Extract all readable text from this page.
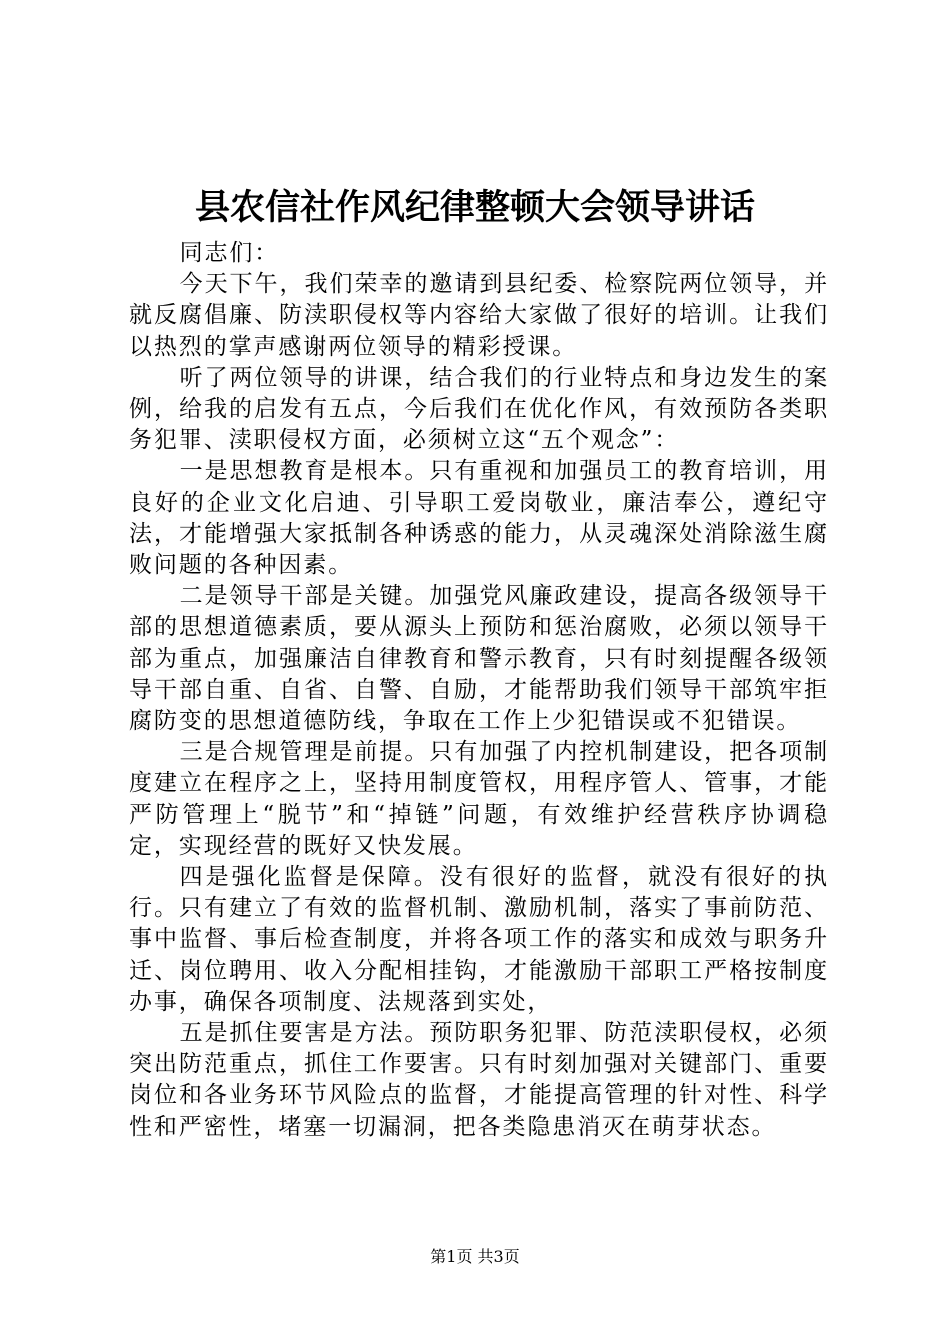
县农信社作风纪律整顿大会领导讲话

同志们：

今天下午，我们荣幸的邀请到县纪委、检察院两位领导，并就反腐倡廉、防渎职侵权等内容给大家做了很好的培训。让我们以热烈的掌声感谢两位领导的精彩授课。

听了两位领导的讲课，结合我们的行业特点和身边发生的案例，给我的启发有五点，今后我们在优化作风，有效预防各类职务犯罪、渎职侵权方面，必须树立这“五个观念”：

一是思想教育是根本。只有重视和加强员工的教育培训，用良好的企业文化启迪、引导职工爱岗敬业，廉洁奉公，遵纪守法，才能增强大家抵制各种诱惑的能力，从灵魂深处消除滋生腐败问题的各种因素。

二是领导干部是关键。加强党风廉政建设，提高各级领导干部的思想道德素质，要从源头上预防和惩治腐败，必须以领导干部为重点，加强廉洁自律教育和警示教育，只有时刻提醒各级领导干部自重、自省、自警、自励，才能帮助我们领导干部筑牢拒腐防变的思想道德防线，争取在工作上少犯错误或不犯错误。

三是合规管理是前提。只有加强了内控机制建设，把各项制度建立在程序之上，坚持用制度管权，用程序管人、管事，才能严防管理上“脱节”和“掉链”问题，有效维护经营秩序协调稳定，实现经营的既好又快发展。

四是强化监督是保障。没有很好的监督，就没有很好的执行。只有建立了有效的监督机制、激励机制，落实了事前防范、事中监督、事后检查制度，并将各项工作的落实和成效与职务升迁、岗位聘用、收入分配相挂钩，才能激励干部职工严格按制度办事，确保各项制度、法规落到实处，

五是抓住要害是方法。预防职务犯罪、防范渎职侵权，必须突出防范重点，抓住工作要害。只有时刻加强对关键部门、重要岗位和各业务环节风险点的监督，才能提高管理的针对性、科学性和严密性，堵塞一切漏洞，把各类隐患消灭在萌芽状态。

第1页 共3页
